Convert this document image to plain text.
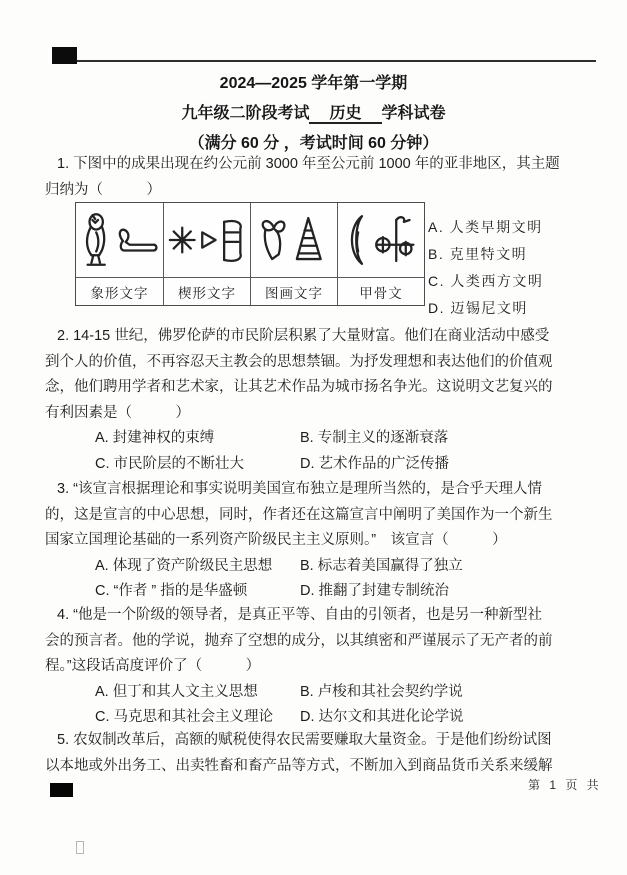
2024—2025 学年第一学期
九年级二阶段考试　历史　学科试卷
（满分 60 分 ，考试时间 60 分钟）
1. 下图中的成果出现在约公元前 3000 年至公元前 1000 年的亚非地区，其主题
归纳为（　　　）
象形文字	楔形文字	图画文字	甲骨文
A. 人类早期文明
B. 克里特文明
C. 人类西方文明
D. 迈锡尼文明
2. 14-15 世纪，佛罗伦萨的市民阶层积累了大量财富。他们在商业活动中感受
到个人的价值，不再容忍天主教会的思想禁锢。为抒发理想和表达他们的价值观
念，他们聘用学者和艺术家，让其艺术作品为城市扬名争光。这说明文艺复兴的
有利因素是（　　　）
A. 封建神权的束缚	B. 专制主义的逐渐衰落
C. 市民阶层的不断壮大	D. 艺术作品的广泛传播
3. “该宣言根据理论和事实说明美国宣布独立是理所当然的，是合乎天理人情
的，这是宣言的中心思想，同时，作者还在这篇宣言中阐明了美国作为一个新生
国家立国理论基础的一系列资产阶级民主主义原则。”　该宣言（　　　）
A. 体现了资产阶级民主思想 B. 标志着美国赢得了独立
C. “作者 ” 指的是华盛顿	D. 推翻了封建专制统治
4. “他是一个阶级的领导者，是真正平等、自由的引领者，也是另一种新型社
会的预言者。他的学说，抛弃了空想的成分，以其缜密和严谨展示了无产者的前
程。”这段话高度评价了（　　　）
A. 但丁和其人文主义思想	B. 卢梭和其社会契约学说
C. 马克思和其社会主义理论 D. 达尔文和其进化论学说
5. 农奴制改革后，高额的赋税使得农民需要赚取大量资金。于是他们纷纷试图
以本地或外出务工、出卖牲畜和畜产品等方式，不断加入到商品货币关系来缓解
第 1 页 共
